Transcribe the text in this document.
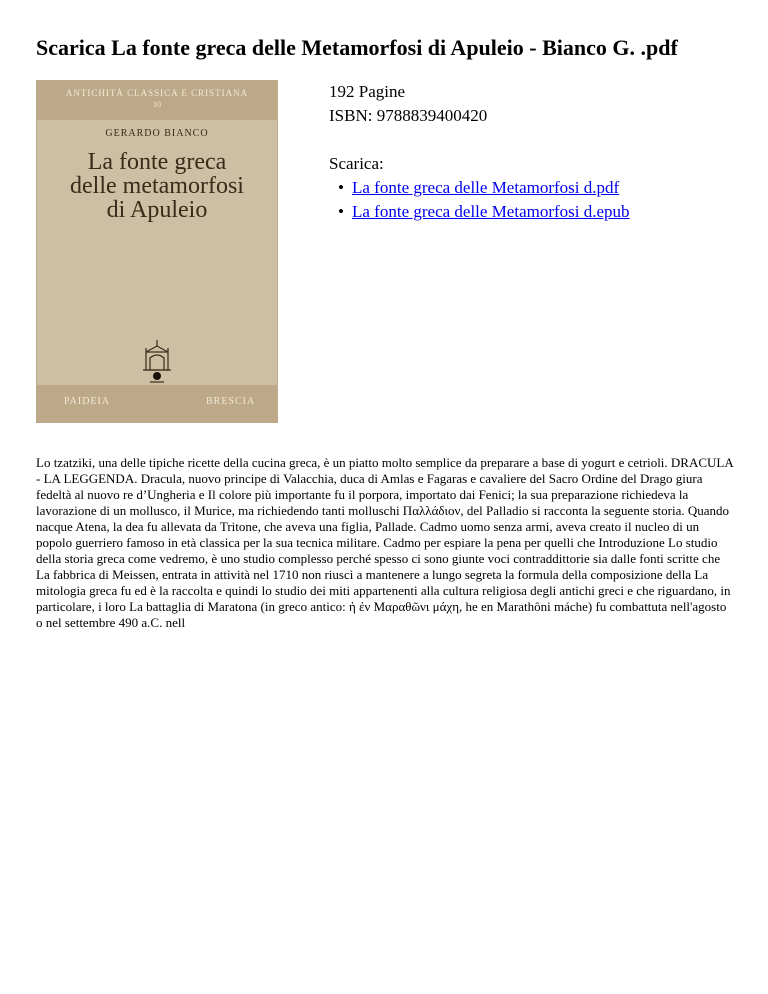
Scarica La fonte greca delle Metamorfosi di Apuleio - Bianco G. .pdf
ANTICHITÀ CLASSICA E CRISTIANA
10
GERARDO BIANCO
La fonte greca
delle metamorfosi
di Apuleio
PAIDEIA	BRESCIA
192 Pagine
ISBN: 9788839400420
Scarica:
• La fonte greca delle Metamorfosi d.pdf
• La fonte greca delle Metamorfosi d.epub

Lo tzatziki, una delle tipiche ricette della cucina greca, è un piatto molto semplice da preparare a base di yogurt e cetrioli. DRACULA - LA LEGGENDA. Dracula, nuovo principe di Valacchia, duca di Amlas e Fagaras e cavaliere del Sacro Ordine del Drago giura fedeltà al nuovo re d’Ungheria e Il colore più importante fu il porpora, importato dai Fenici; la sua preparazione richiedeva la lavorazione di un mollusco, il Murice, ma richiedendo tanti molluschi Παλλάδιον, del Palladio si racconta la seguente storia. Quando nacque Atena, la dea fu allevata da Tritone, che aveva una figlia, Pallade. Cadmo uomo senza armi, aveva creato il nucleo di un popolo guerriero famoso in età classica per la sua tecnica militare. Cadmo per espiare la pena per quelli che Introduzione Lo studio della storia greca come vedremo, è uno studio complesso perché spesso ci sono giunte voci contraddittorie sia dalle fonti scritte che La fabbrica di Meissen, entrata in attività nel 1710 non riuscì a mantenere a lungo segreta la formula della composizione della La mitologia greca fu ed è la raccolta e quindi lo studio dei miti appartenenti alla cultura religiosa degli antichi greci e che riguardano, in particolare, i loro La battaglia di Maratona (in greco antico: ἡ ἐν Μαραθῶνι μάχη, he en Marathôni máche) fu combattuta nell'agosto o nel settembre 490 a.C. nell
